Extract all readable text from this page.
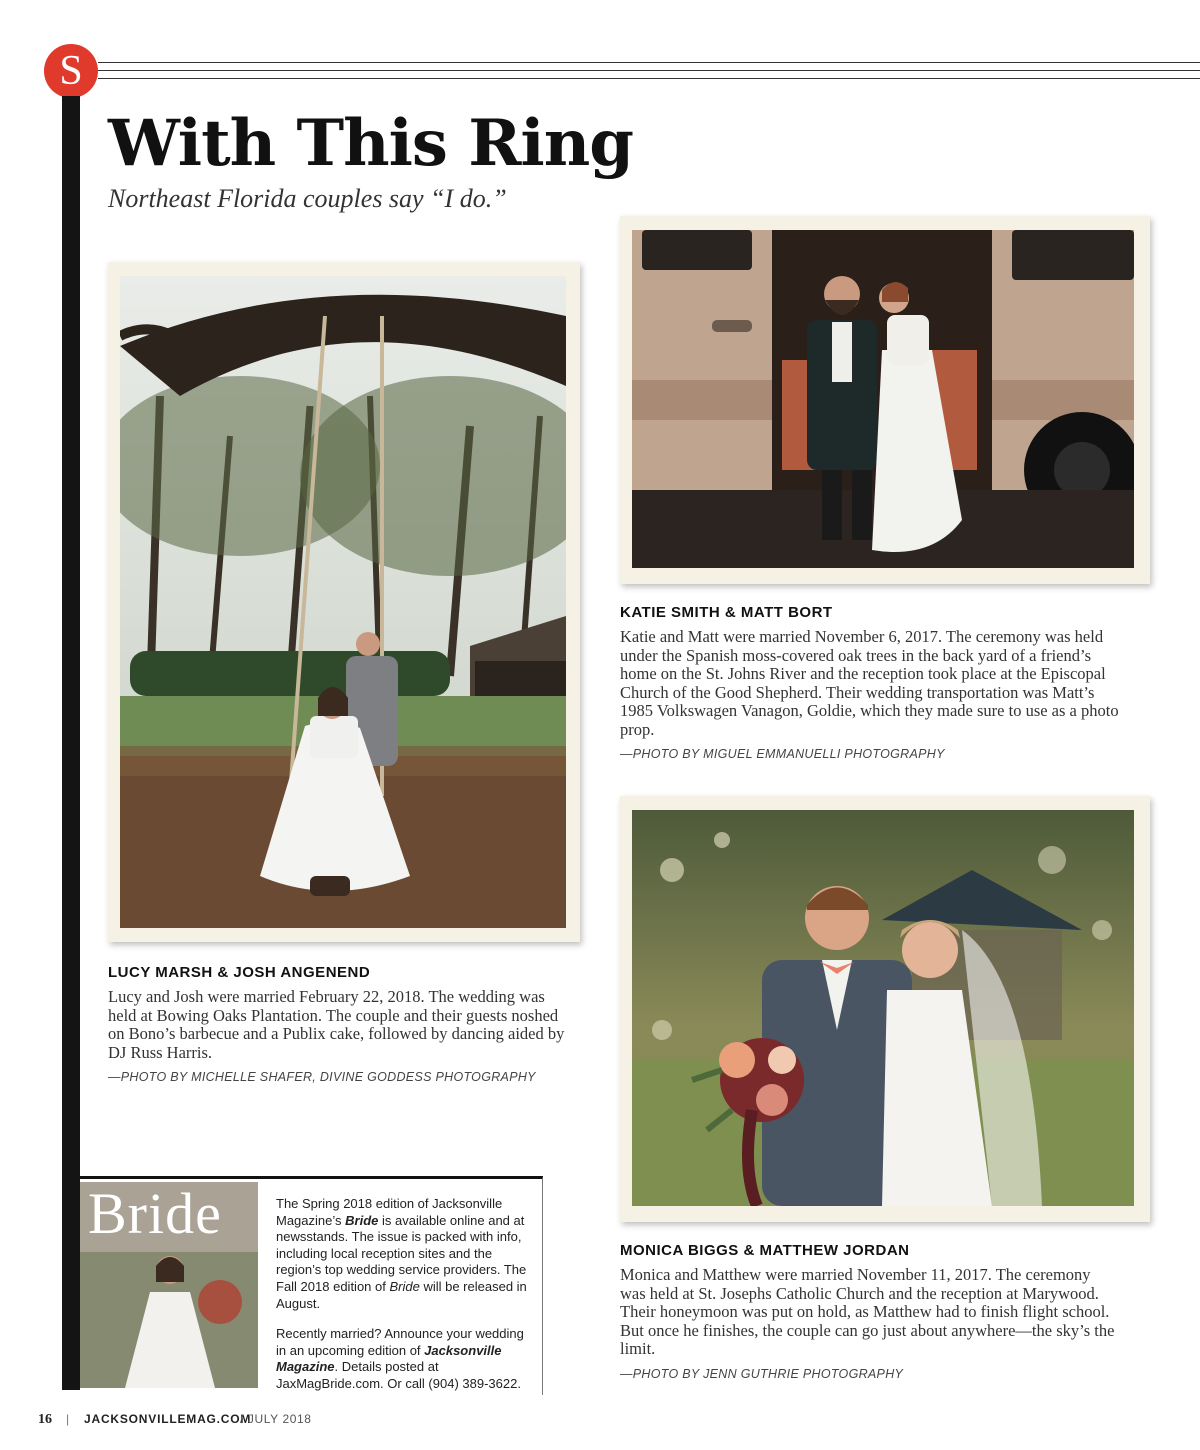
S
With This Ring
Northeast Florida couples say “I do.”
LUCY MARSH & JOSH ANGENEND
Lucy and Josh were married February 22, 2018. The wedding was held at Bowing Oaks Plantation. The couple and their guests noshed on Bono’s barbecue and a Publix cake, followed by dancing aided by DJ Russ Harris.
—PHOTO BY MICHELLE SHAFER, DIVINE GODDESS PHOTOGRAPHY
KATIE SMITH & MATT BORT
Katie and Matt were married November 6, 2017. The ceremony was held under the Spanish moss-covered oak trees in the back yard of a friend’s home on the St. Johns River and the reception took place at the Episcopal Church of the Good Shepherd. Their wedding transportation was Matt’s 1985 Volkswagen Vanagon, Goldie, which they made sure to use as a photo prop.
—PHOTO BY MIGUEL EMMANUELLI PHOTOGRAPHY
MONICA BIGGS & MATTHEW JORDAN
Monica and Matthew were married November 11, 2017. The ceremony was held at St. Josephs Catholic Church and the reception at Marywood. Their honeymoon was put on hold, as Matthew had to finish flight school. But once he finishes, the couple can go just about anywhere—the sky’s the limit.
—PHOTO BY JENN GUTHRIE PHOTOGRAPHY
Bride	The Spring 2018 edition of Jacksonville Magazine’s Bride is available online and at newsstands. The issue is packed with info, including local reception sites and the region’s top wedding service providers. The Fall 2018 edition of Bride will be released in August.
Recently married? Announce your wedding in an upcoming edition of Jacksonville Magazine. Details posted at JaxMagBride.com. Or call (904) 389-3622.
16 | JACKSONVILLEMAG.COM
/ JULY 2018
